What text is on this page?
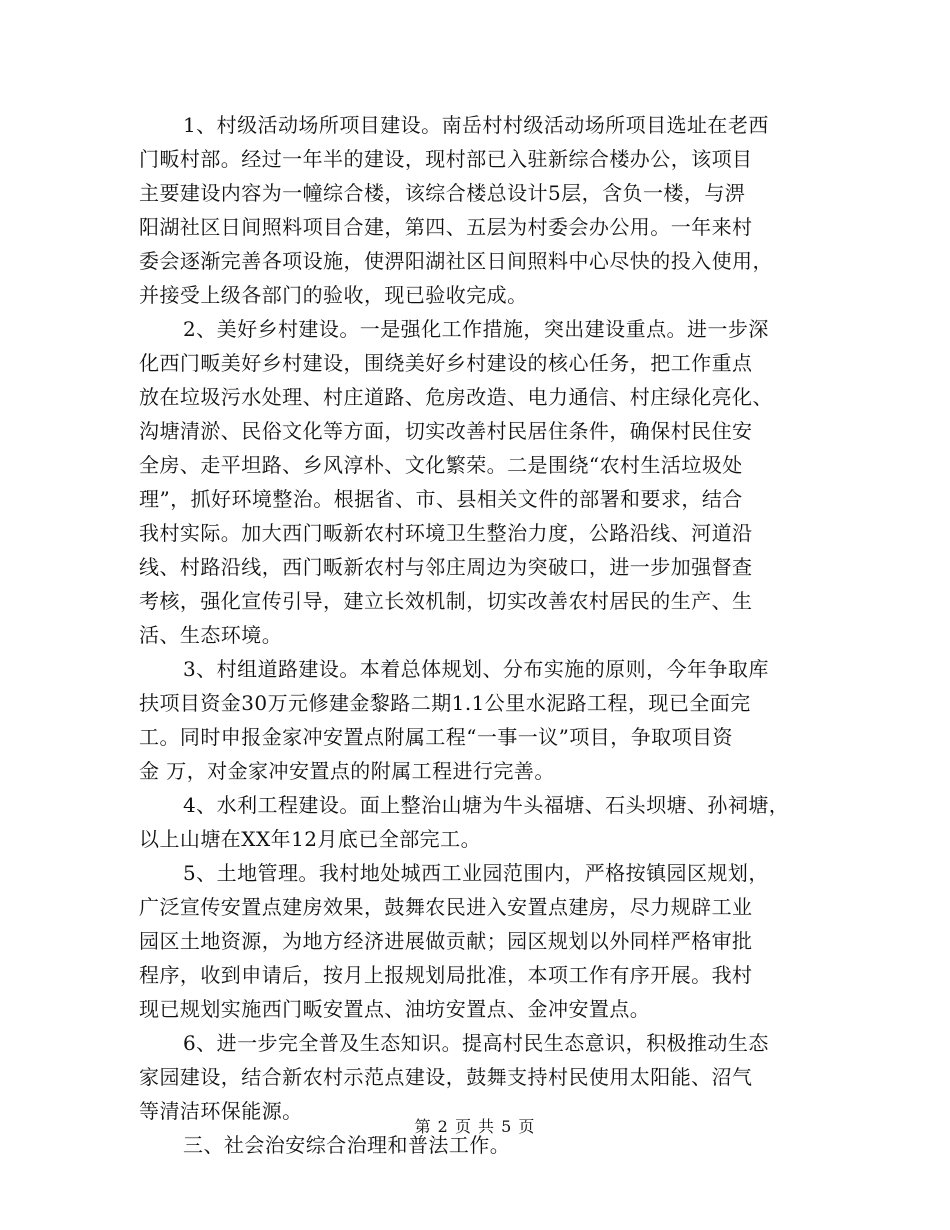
1、村级活动场所项目建设。南岳村村级活动场所项目选址在老西
门畈村部。经过一年半的建设，现村部已入驻新综合楼办公，该项目
主要建设内容为一幢综合楼，该综合楼总设计5层，含负一楼，与淠
阳湖社区日间照料项目合建，第四、五层为村委会办公用。一年来村
委会逐渐完善各项设施，使淠阳湖社区日间照料中心尽快的投入使用，
并接受上级各部门的验收，现已验收完成。
2、美好乡村建设。一是强化工作措施，突出建设重点。进一步深
化西门畈美好乡村建设，围绕美好乡村建设的核心任务，把工作重点
放在垃圾污水处理、村庄道路、危房改造、电力通信、村庄绿化亮化、
沟塘清淤、民俗文化等方面，切实改善村民居住条件，确保村民住安
全房、走平坦路、乡风淳朴、文化繁荣。二是围绕“农村生活垃圾处
理”，抓好环境整治。根据省、市、县相关文件的部署和要求，结合
我村实际。加大西门畈新农村环境卫生整治力度，公路沿线、河道沿
线、村路沿线，西门畈新农村与邻庄周边为突破口，进一步加强督查
考核，强化宣传引导，建立长效机制，切实改善农村居民的生产、生
活、生态环境。
3、村组道路建设。本着总体规划、分布实施的原则，今年争取库
扶项目资金30万元修建金黎路二期1.1公里水泥路工程，现已全面完
工。同时申报金家冲安置点附属工程“一事一议”项目，争取项目资
金 万，对金家冲安置点的附属工程进行完善。
4、水利工程建设。面上整治山塘为牛头福塘、石头坝塘、孙祠塘，
以上山塘在XX年12月底已全部完工。
5、土地管理。我村地处城西工业园范围内，严格按镇园区规划，
广泛宣传安置点建房效果，鼓舞农民进入安置点建房，尽力规辟工业
园区土地资源，为地方经济进展做贡献；园区规划以外同样严格审批
程序，收到申请后，按月上报规划局批准，本项工作有序开展。我村
现已规划实施西门畈安置点、油坊安置点、金冲安置点。
6、进一步完全普及生态知识。提高村民生态意识，积极推动生态
家园建设，结合新农村示范点建设，鼓舞支持村民使用太阳能、沼气
等清洁环保能源。
三、社会治安综合治理和普法工作。
第 2 页 共 5 页
